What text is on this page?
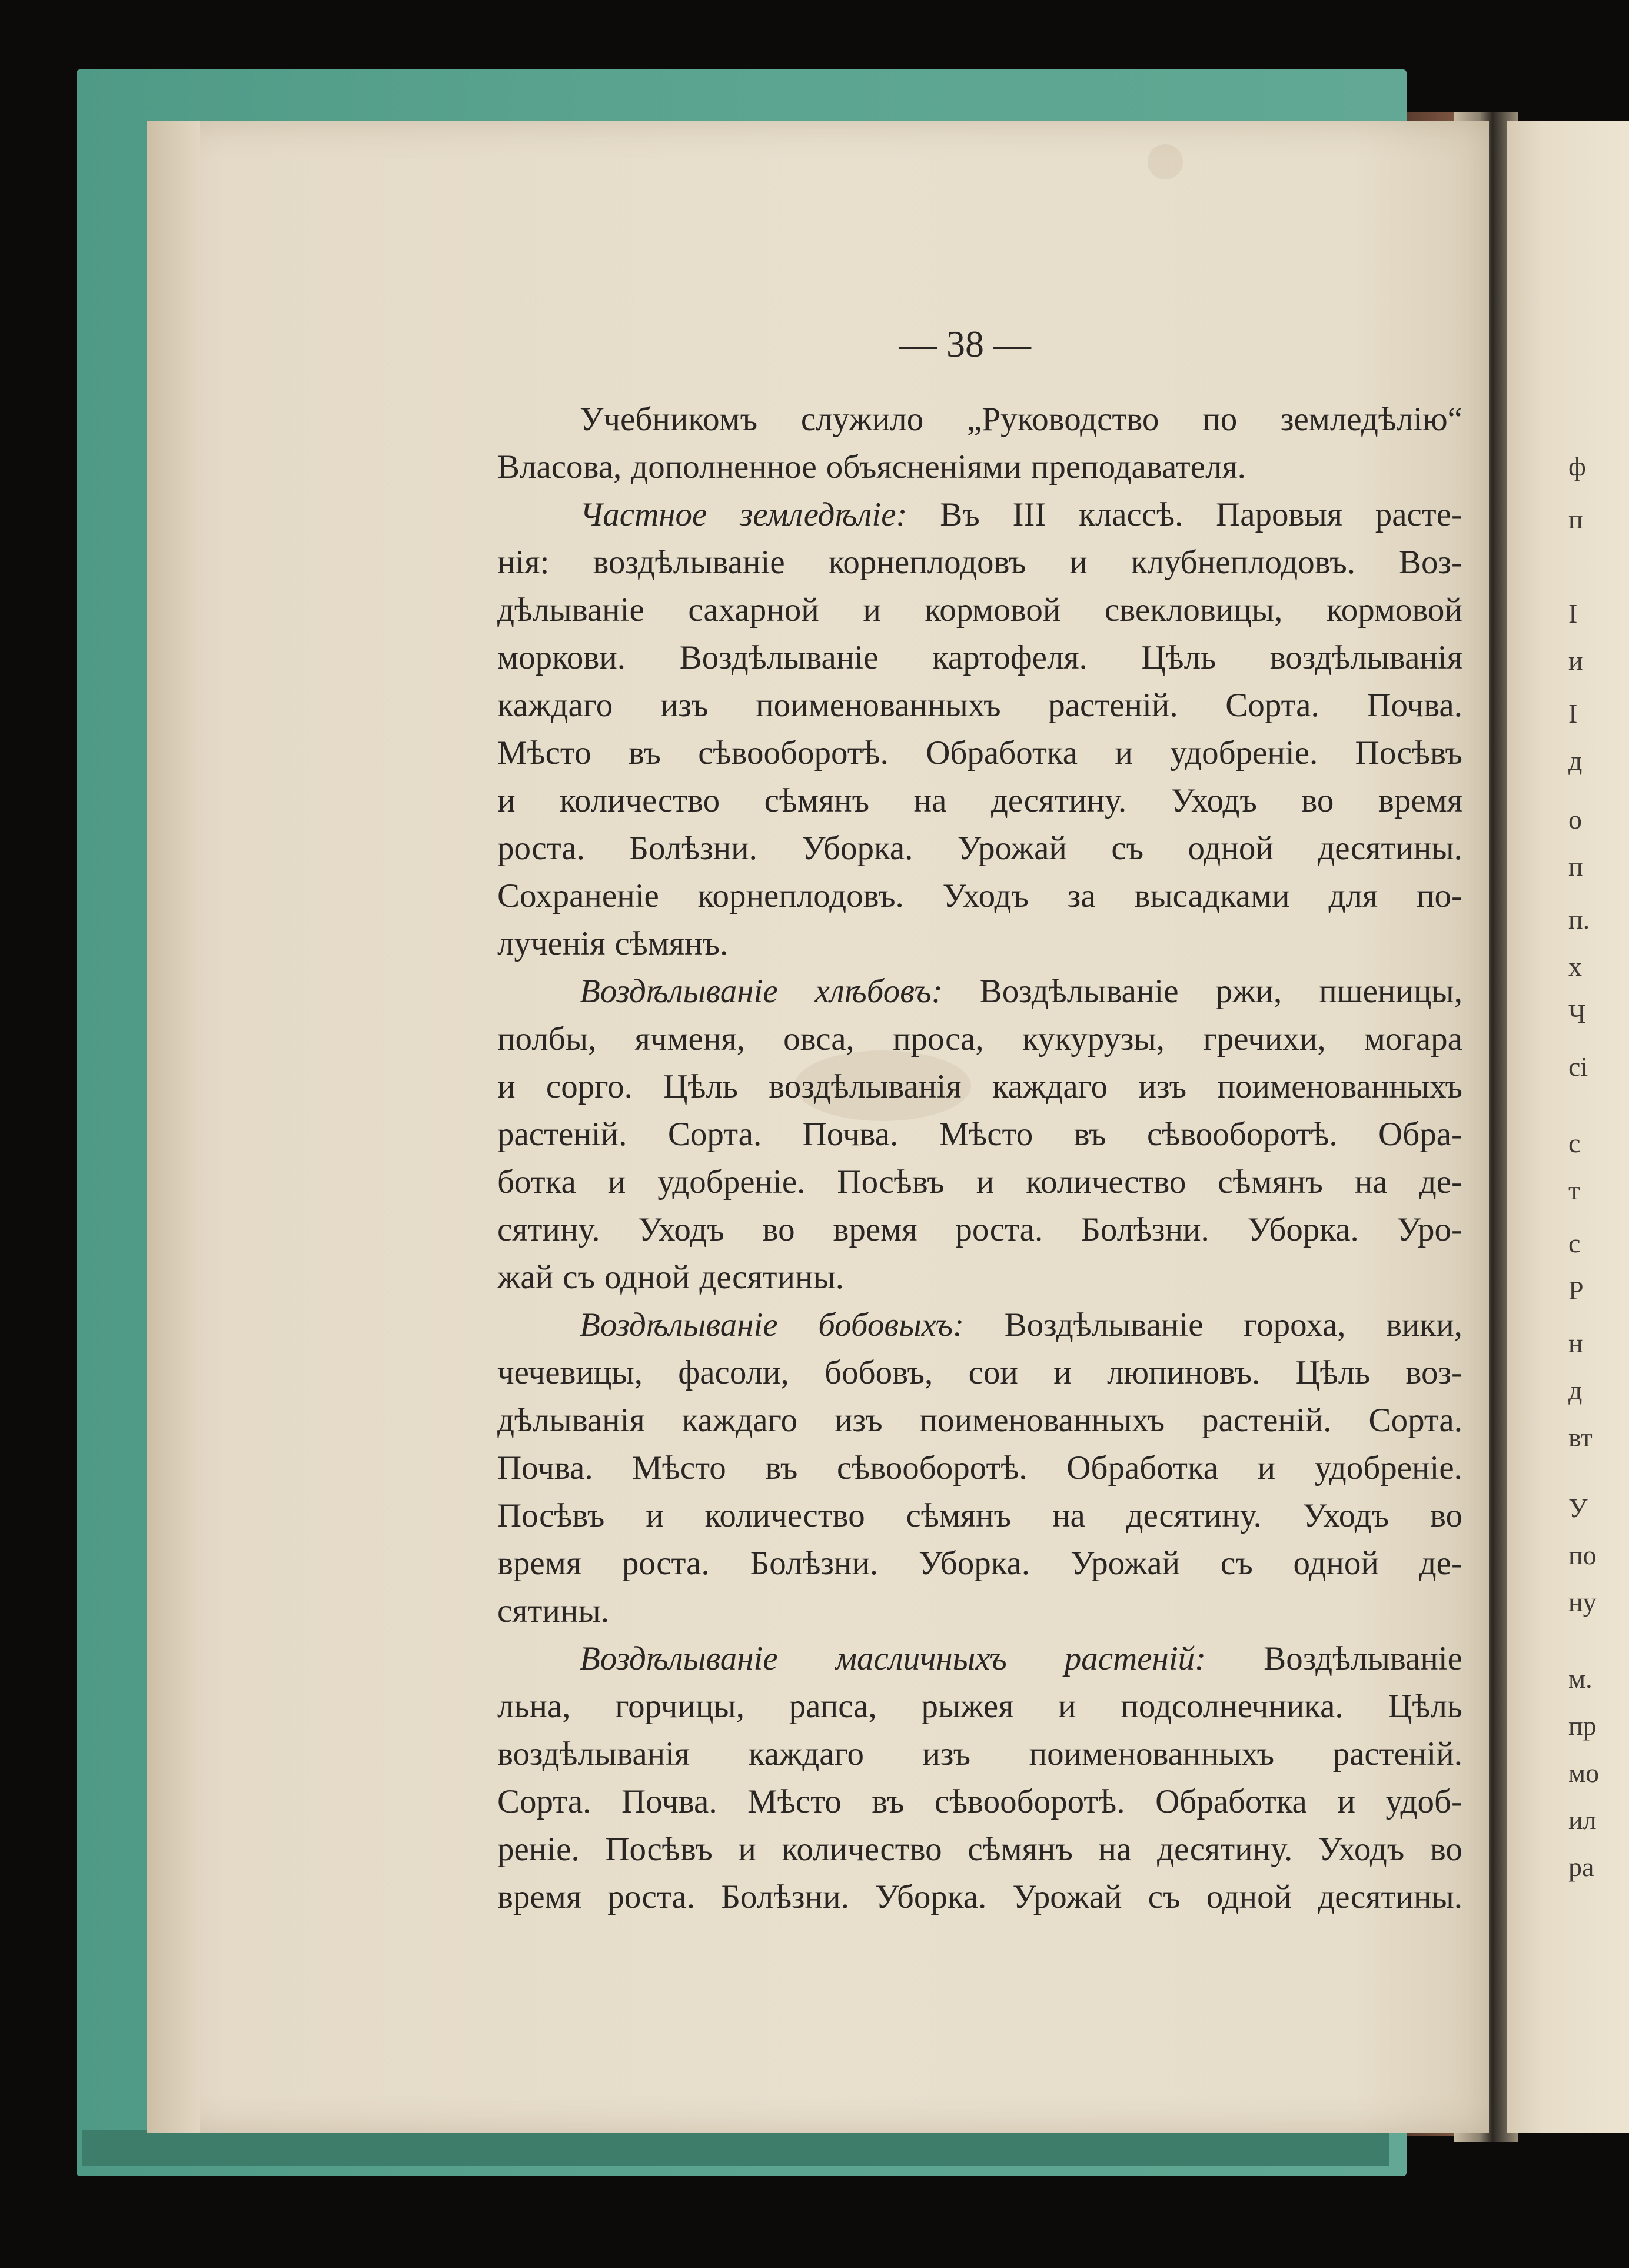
ф
п
І
и
І
д
о
п
п.
х
Ч
сі
с
т
с
Р
н
д
вт
У
по
ну
м.
пр
мо
ил
ра
— 38 —
Учебникомъ служило „Руководство по земледѣлію“
Власова, дополненное объясненіями преподавателя.
Частное земледѣліе: Въ III классѣ. Паровыя расте-
нія: воздѣлываніе корнеплодовъ и клубнеплодовъ. Воз-
дѣлываніе сахарной и кормовой свекловицы, кормовой
моркови. Воздѣлываніе картофеля. Цѣль воздѣлыванія
каждаго изъ поименованныхъ растеній. Сорта. Почва.
Мѣсто въ сѣвооборотѣ. Обработка и удобреніе. Посѣвъ
и количество сѣмянъ на десятину. Уходъ во время
роста. Болѣзни. Уборка. Урожай съ одной десятины.
Сохраненіе корнеплодовъ. Уходъ за высадками для по-
лученія сѣмянъ.
Воздѣлываніе хлѣбовъ: Воздѣлываніе ржи, пшеницы,
полбы, ячменя, овса, проса, кукурузы, гречихи, могара
и сорго. Цѣль воздѣлыванія каждаго изъ поименованныхъ
растеній. Сорта. Почва. Мѣсто въ сѣвооборотѣ. Обра-
ботка и удобреніе. Посѣвъ и количество сѣмянъ на де-
сятину. Уходъ во время роста. Болѣзни. Уборка. Уро-
жай съ одной десятины.
Воздѣлываніе бобовыхъ: Воздѣлываніе гороха, вики,
чечевицы, фасоли, бобовъ, сои и люпиновъ. Цѣль воз-
дѣлыванія каждаго изъ поименованныхъ растеній. Сорта.
Почва. Мѣсто въ сѣвооборотѣ. Обработка и удобреніе.
Посѣвъ и количество сѣмянъ на десятину. Уходъ во
время роста. Болѣзни. Уборка. Урожай съ одной де-
сятины.
Воздѣлываніе масличныхъ растеній: Воздѣлываніе
льна, горчицы, рапса, рыжея и подсолнечника. Цѣль
воздѣлыванія каждаго изъ поименованныхъ растеній.
Сорта. Почва. Мѣсто въ сѣвооборотѣ. Обработка и удоб-
реніе. Посѣвъ и количество сѣмянъ на десятину. Уходъ во
время роста. Болѣзни. Уборка. Урожай съ одной десятины.
